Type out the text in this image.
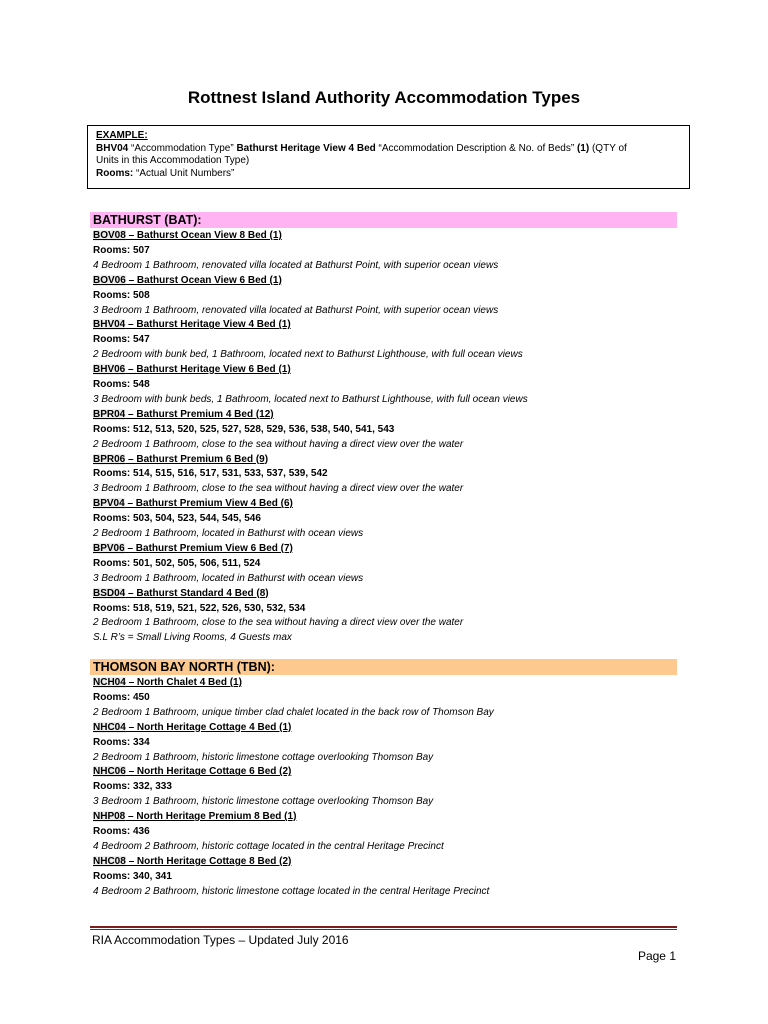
Rottnest Island Authority Accommodation Types
EXAMPLE:
BHV04 “Accommodation Type” Bathurst Heritage View 4 Bed “Accommodation Description & No. of Beds” (1) (QTY of
Units in this Accommodation Type)
Rooms: “Actual Unit Numbers”
BATHURST (BAT):
BOV08 – Bathurst Ocean View 8 Bed (1)
Rooms: 507
4 Bedroom 1 Bathroom, renovated villa located at Bathurst Point, with superior ocean views
BOV06 – Bathurst Ocean View 6 Bed (1)
Rooms: 508
3 Bedroom 1 Bathroom, renovated villa located at Bathurst Point, with superior ocean views
BHV04 – Bathurst Heritage View 4 Bed (1)
Rooms: 547
2 Bedroom with bunk bed, 1 Bathroom, located next to Bathurst Lighthouse, with full ocean views
BHV06 – Bathurst Heritage View 6 Bed (1)
Rooms: 548
3 Bedroom with bunk beds, 1 Bathroom, located next to Bathurst Lighthouse, with full ocean views
BPR04 – Bathurst Premium 4 Bed (12)
Rooms: 512, 513, 520, 525, 527, 528, 529, 536, 538, 540, 541, 543
2 Bedroom 1 Bathroom, close to the sea without having a direct view over the water
BPR06 – Bathurst Premium 6 Bed (9)
Rooms: 514, 515, 516, 517, 531, 533, 537, 539, 542
3 Bedroom 1 Bathroom, close to the sea without having a direct view over the water
BPV04 – Bathurst Premium View 4 Bed (6)
Rooms: 503, 504, 523, 544, 545, 546
2 Bedroom 1 Bathroom, located in Bathurst with ocean views
BPV06 – Bathurst Premium View 6 Bed (7)
Rooms: 501, 502, 505, 506, 511, 524
3 Bedroom 1 Bathroom, located in Bathurst with ocean views
BSD04 – Bathurst Standard 4 Bed (8)
Rooms: 518, 519, 521, 522, 526, 530, 532, 534
2 Bedroom 1 Bathroom, close to the sea without having a direct view over the water
S.L R’s = Small Living Rooms, 4 Guests max
THOMSON BAY NORTH (TBN):
NCH04 – North Chalet 4 Bed (1)
Rooms: 450
2 Bedroom 1 Bathroom, unique timber clad chalet located in the back row of Thomson Bay
NHC04 – North Heritage Cottage 4 Bed (1)
Rooms: 334
2 Bedroom 1 Bathroom, historic limestone cottage overlooking Thomson Bay
NHC06 – North Heritage Cottage 6 Bed (2)
Rooms: 332, 333
3 Bedroom 1 Bathroom, historic limestone cottage overlooking Thomson Bay
NHP08 – North Heritage Premium 8 Bed (1)
Rooms: 436
4 Bedroom 2 Bathroom, historic cottage located in the central Heritage Precinct
NHC08 – North Heritage Cottage 8 Bed (2)
Rooms: 340, 341
4 Bedroom 2 Bathroom, historic limestone cottage located in the central Heritage Precinct
RIA Accommodation Types – Updated July 2016
Page 1
